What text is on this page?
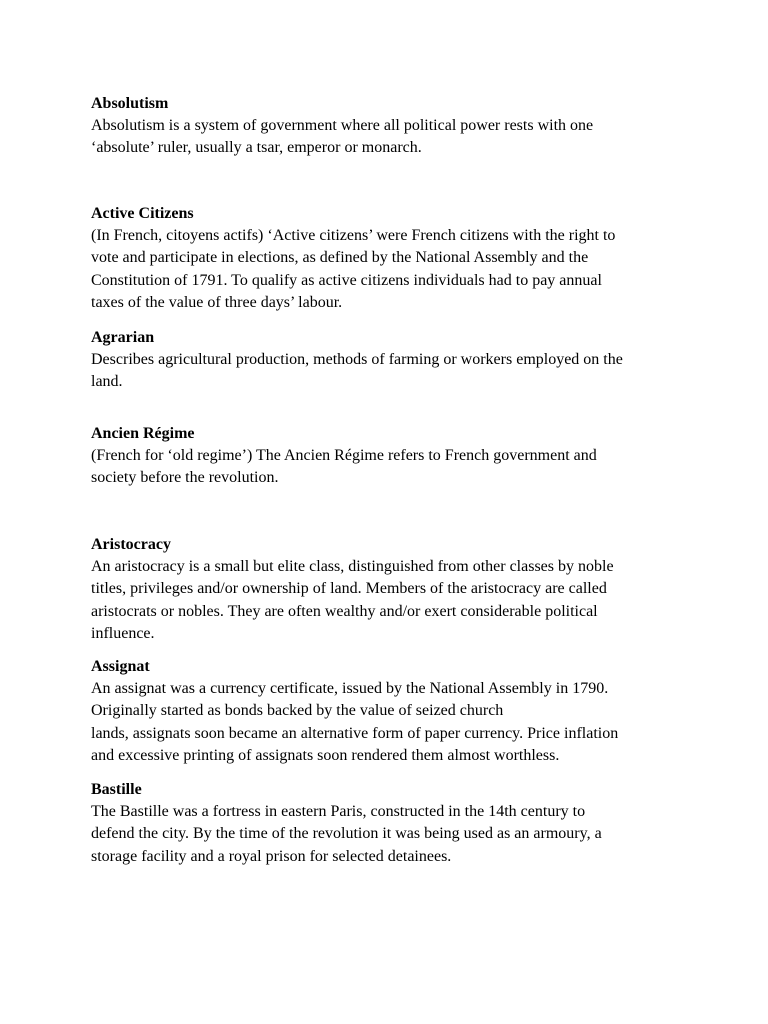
Absolutism
Absolutism is a system of government where all political power rests with one
‘absolute’ ruler, usually a tsar, emperor or monarch.
Active Citizens
(In French, citoyens actifs) ‘Active citizens’ were French citizens with the right to
vote and participate in elections, as defined by the National Assembly and the
Constitution of 1791. To qualify as active citizens individuals had to pay annual
taxes of the value of three days’ labour.
Agrarian
Describes agricultural production, methods of farming or workers employed on the
land.
Ancien Régime
(French for ‘old regime’) The Ancien Régime refers to French government and
society before the revolution.
Aristocracy
An aristocracy is a small but elite class, distinguished from other classes by noble
titles, privileges and/or ownership of land. Members of the aristocracy are called
aristocrats or nobles. They are often wealthy and/or exert considerable political
influence.
Assignat
An assignat was a currency certificate, issued by the National Assembly in 1790.
Originally started as bonds backed by the value of seized church
lands, assignats soon became an alternative form of paper currency. Price inflation
and excessive printing of assignats soon rendered them almost worthless.
Bastille
The Bastille was a fortress in eastern Paris, constructed in the 14th century to
defend the city. By the time of the revolution it was being used as an armoury, a
storage facility and a royal prison for selected detainees.
